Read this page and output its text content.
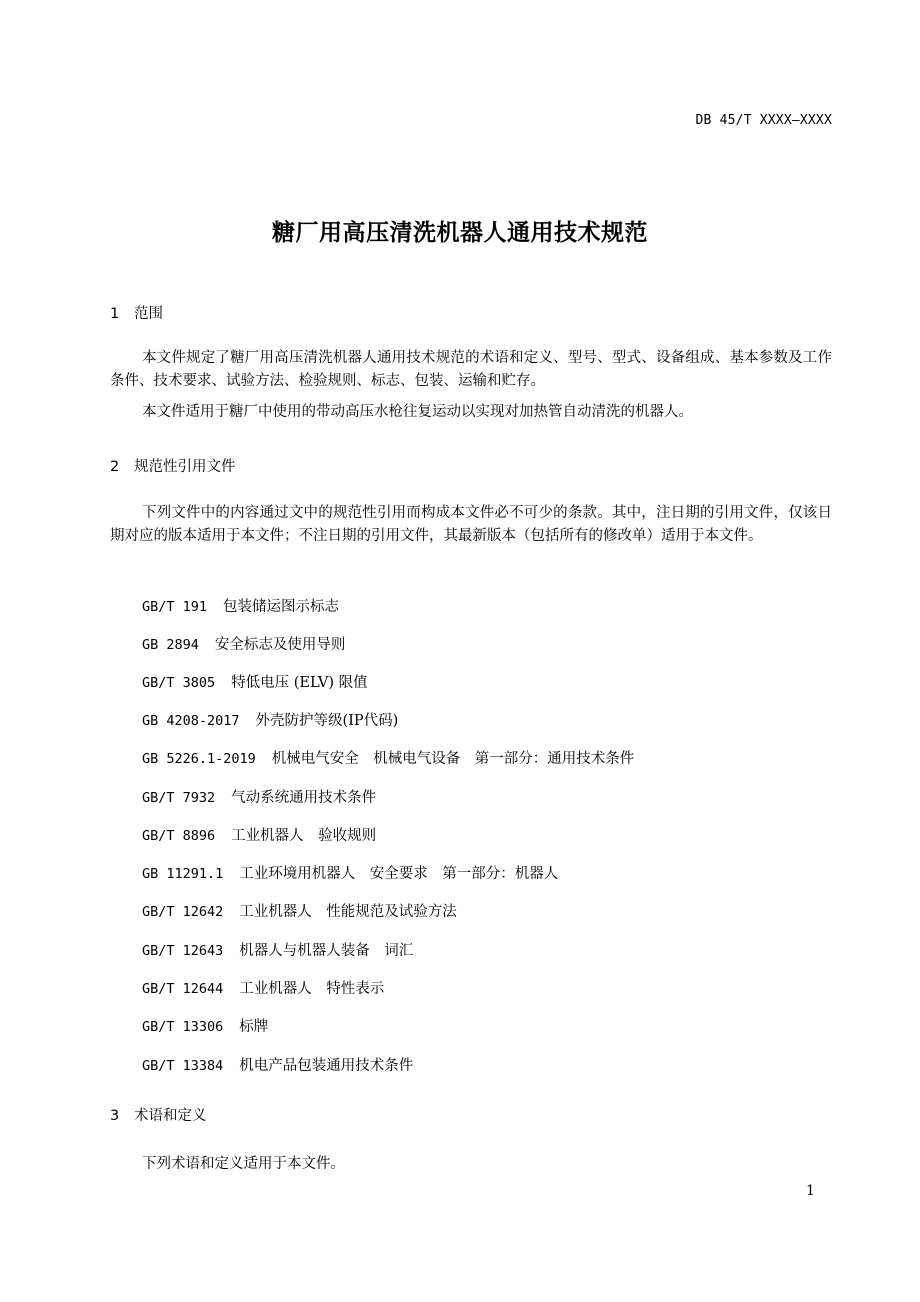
DB 45/T XXXX—XXXX
糖厂用高压清洗机器人通用技术规范
1 范围
本文件规定了糖厂用高压清洗机器人通用技术规范的术语和定义、型号、型式、设备组成、基本参数及工作条件、技术要求、试验方法、检验规则、标志、包装、运输和贮存。
本文件适用于糖厂中使用的带动高压水枪往复运动以实现对加热管自动清洗的机器人。
2 规范性引用文件
下列文件中的内容通过文中的规范性引用而构成本文件必不可少的条款。其中，注日期的引用文件，仅该日期对应的版本适用于本文件；不注日期的引用文件，其最新版本（包括所有的修改单）适用于本文件。
GB/T 191 包装储运图示标志
GB 2894 安全标志及使用导则
GB/T 3805 特低电压 (ELV) 限值
GB 4208-2017 外壳防护等级(IP代码)
GB 5226.1-2019 机械电气安全　机械电气设备　第一部分：通用技术条件
GB/T 7932 气动系统通用技术条件
GB/T 8896 工业机器人　验收规则
GB 11291.1 工业环境用机器人　安全要求　第一部分：机器人
GB/T 12642 工业机器人　性能规范及试验方法
GB/T 12643 机器人与机器人装备　词汇
GB/T 12644 工业机器人　特性表示
GB/T 13306 标牌
GB/T 13384 机电产品包装通用技术条件
3 术语和定义
下列术语和定义适用于本文件。
1
